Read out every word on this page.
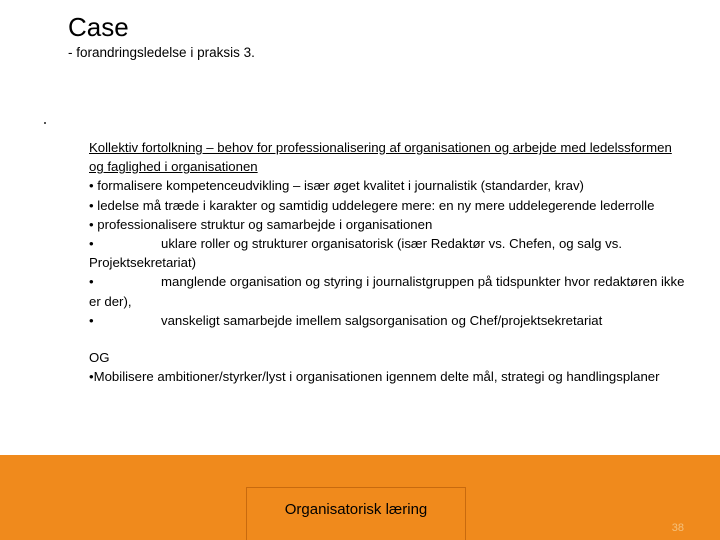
Case
- forandringsledelse i praksis 3.

Kollektiv fortolkning – behov for professionalisering af organisationen og arbejde med ledelssformen og faglighed i organisationen

• formalisere kompetenceudvikling – især øget kvalitet i journalistik (standarder, krav)

• ledelse må træde i karakter og samtidig uddelegere mere: en ny mere uddelegerende lederrolle

• professionalisere struktur og samarbejde i organisationen

•	uklare roller og strukturer organisatorisk (især Redaktør vs. Chefen, og salg vs. Projektsekretariat)

•	manglende organisation og styring i journalistgruppen på tidspunkter hvor redaktøren ikke er der),

•	vanskeligt samarbejde imellem salgsorganisation og Chef/projektsekretariat

OG

•Mobilisere ambitioner/styrker/lyst i organisationen igennem delte mål, strategi og handlingsplaner

Organisatorisk læring
38
